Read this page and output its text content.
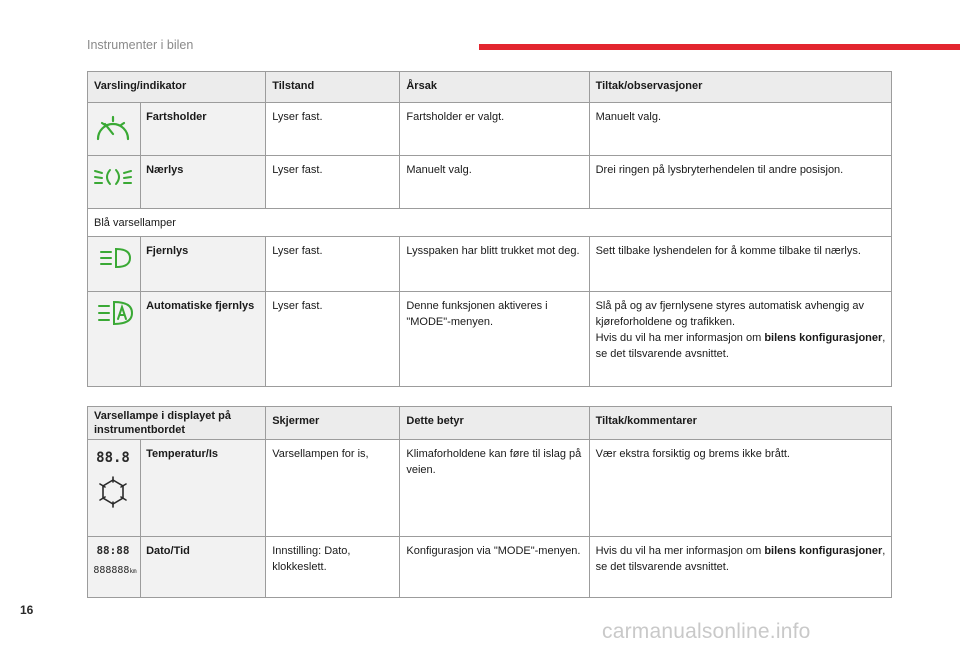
Instrumenter i bilen
Varsling/indikator		Tilstand	Årsak	Tiltak/observasjoner

	Fartsholder	Lyser fast.	Fartsholder er valgt.	Manuelt valg.

	Nærlys	Lyser fast.	Manuelt valg.	Drei ringen på lysbryterhendelen til andre posisjon.
Blå varsellamper				

	Fjernlys	Lyser fast.	Lysspaken har blitt trukket mot deg.	Sett tilbake lyshendelen for å komme tilbake til nærlys.

	Automatiske fjernlys	Lyser fast.	Denne funksjonen aktiveres i "MODE"-menyen.	Slå på og av fjernlysene styres automatisk avhengig av kjøreforholdene og trafikken.
Hvis du vil ha mer informasjon om bilens konfigurasjoner, se det tilsvarende avsnittet.
Varsellampe i displayet på instrumentbordet		Skjermer	Dette betyr	Tiltak/kommentarer

88.8	Temperatur/Is	Varsellampen for is,	Klimaforholdene kan føre til islag på veien.	Vær ekstra forsiktig og brems ikke brått.

88:88
888888km	Dato/Tid	Innstilling: Dato, klokkeslett.	Konfigurasjon via "MODE"-menyen.	Hvis du vil ha mer informasjon om bilens konfigurasjoner, se det tilsvarende avsnittet.
16
carmanualsonline.info
